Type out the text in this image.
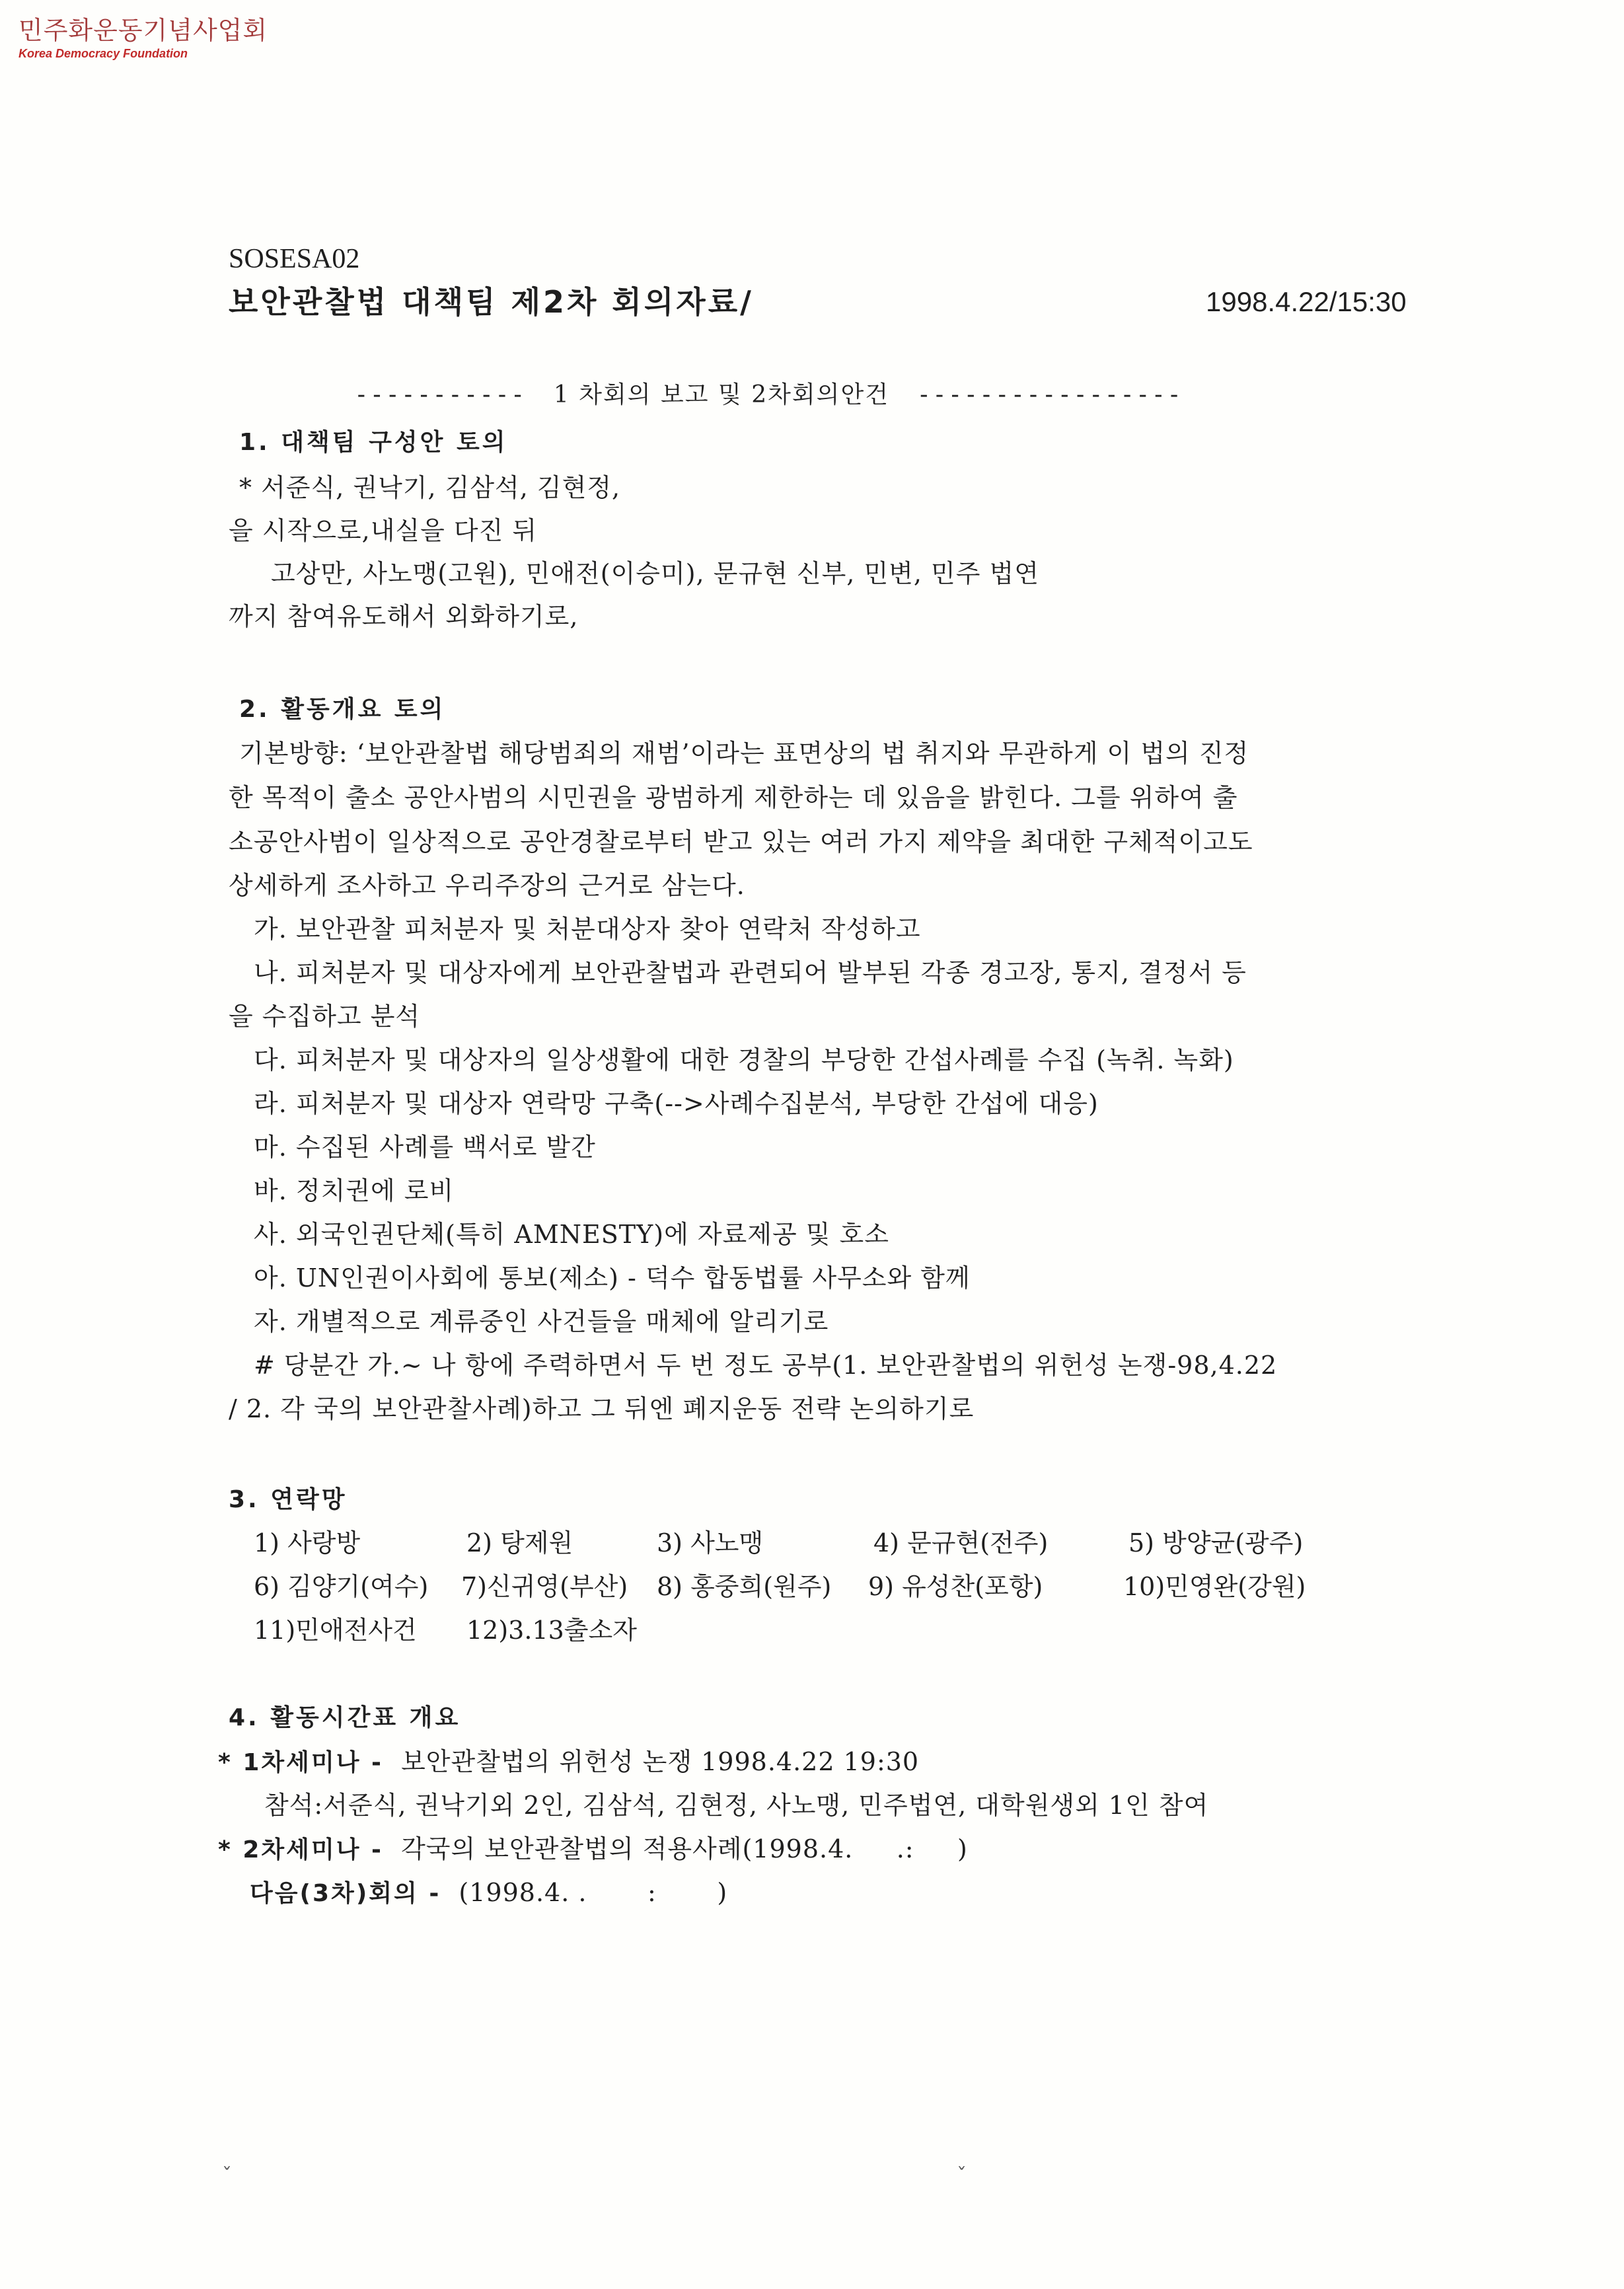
민주화운동기념사업회
Korea Democracy Foundation
SOSESA02
보안관찰법 대책팀 제2차 회의자료/	1998.4.22/15:30
----------- 1 차회의 보고 및 2차회의안건 -----------------
1. 대책팀 구성안 토의
* 서준식, 권낙기, 김삼석, 김현정,
을 시작으로,내실을 다진 뒤
고상만, 사노맹(고원), 민애전(이승미), 문규현 신부, 민변, 민주 법연
까지 참여유도해서 외화하기로,
2. 활동개요 토의
기본방향: ‘보안관찰법 해당범죄의 재범’이라는 표면상의 법 취지와 무관하게 이 법의 진정
한 목적이 출소 공안사범의 시민권을 광범하게 제한하는 데 있음을 밝힌다. 그를 위하여 출
소공안사범이 일상적으로 공안경찰로부터 받고 있는 여러 가지 제약을 최대한 구체적이고도
상세하게 조사하고 우리주장의 근거로 삼는다.
가. 보안관찰 피처분자 및 처분대상자 찾아 연락처 작성하고
나. 피처분자 및 대상자에게 보안관찰법과 관련되어 발부된 각종 경고장, 통지, 결정서 등
을 수집하고 분석
다. 피처분자 및 대상자의 일상생활에 대한 경찰의 부당한 간섭사례를 수집 (녹취. 녹화)
라. 피처분자 및 대상자 연락망 구축(-->사례수집분석, 부당한 간섭에 대응)
마. 수집된 사례를 백서로 발간
바. 정치권에 로비
사. 외국인권단체(특히 AMNESTY)에 자료제공 및 호소
아. UN인권이사회에 통보(제소) - 덕수 합동법률 사무소와 함께
자. 개별적으로 계류중인 사건들을 매체에 알리기로
# 당분간 가.~ 나 항에 주력하면서 두 번 정도 공부(1. 보안관찰법의 위헌성 논쟁-98,4.22
/ 2. 각 국의 보안관찰사례)하고 그 뒤엔 폐지운동 전략 논의하기로
3. 연락망
1) 사랑방	2) 탕제원	3) 사노맹	4) 문규현(전주)	5) 방양균(광주)
6) 김양기(여수) 7)신귀영(부산) 8) 홍중희(원주) 9) 유성찬(포항)	10)민영완(강원)
11)민애전사건 12)3.13출소자
4. 활동시간표 개요
* 1차세미나 - 보안관찰법의 위헌성 논쟁 1998.4.22 19:30
참석:서준식, 권낙기외 2인, 김삼석, 김현정, 사노맹, 민주법연, 대학원생외 1인 참여
* 2차세미나 - 각국의 보안관찰법의 적용사례(1998.4.     .:     )
다음(3차)회의 - (1998.4. .       :       )
ˇ	ˇ
